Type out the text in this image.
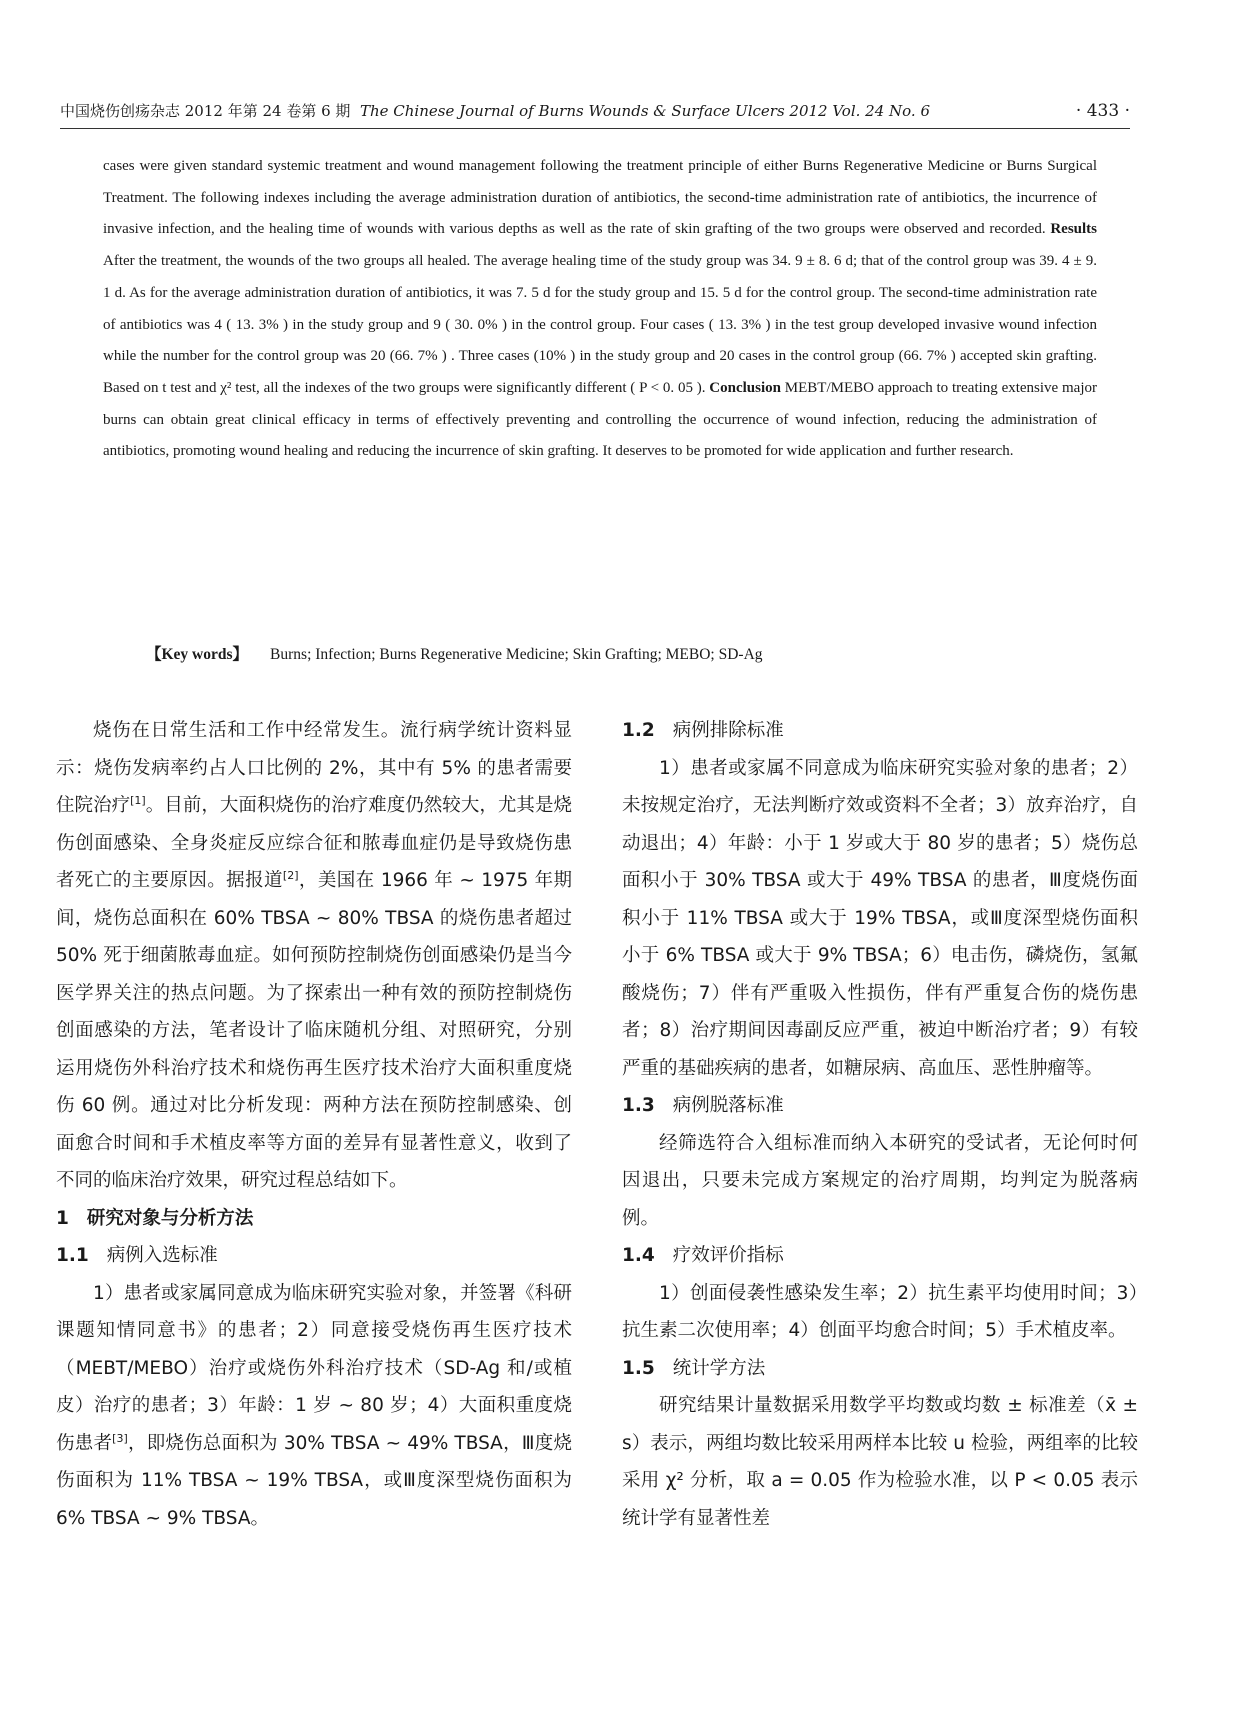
中国烧伤创疡杂志 2012 年第 24 卷第 6 期 The Chinese Journal of Burns Wounds & Surface Ulcers 2012 Vol. 24 No. 6	· 433 ·
cases were given standard systemic treatment and wound management following the treatment principle of either Burns Regenerative Medicine or Burns Surgical Treatment. The following indexes including the average administration duration of antibiotics, the second-time administration rate of antibiotics, the incurrence of invasive infection, and the healing time of wounds with various depths as well as the rate of skin grafting of the two groups were observed and recorded. Results After the treatment, the wounds of the two groups all healed. The average healing time of the study group was 34. 9 ± 8. 6 d; that of the control group was 39. 4 ± 9. 1 d. As for the average administration duration of antibiotics, it was 7. 5 d for the study group and 15. 5 d for the control group. The second-time administration rate of antibiotics was 4 ( 13. 3% ) in the study group and 9 ( 30. 0% ) in the control group. Four cases ( 13. 3% ) in the test group developed invasive wound infection while the number for the control group was 20 (66. 7% ) . Three cases (10% ) in the study group and 20 cases in the control group (66. 7% ) accepted skin grafting. Based on t test and χ² test, all the indexes of the two groups were significantly different ( P < 0. 05 ). Conclusion MEBT/MEBO approach to treating extensive major burns can obtain great clinical efficacy in terms of effectively preventing and controlling the occurrence of wound infection, reducing the administration of antibiotics, promoting wound healing and reducing the incurrence of skin grafting. It deserves to be promoted for wide application and further research.
【Key words】 Burns; Infection; Burns Regenerative Medicine; Skin Grafting; MEBO; SD-Ag

烧伤在日常生活和工作中经常发生。流行病学统计资料显示：烧伤发病率约占人口比例的 2%，其中有 5% 的患者需要住院治疗[1]。目前，大面积烧伤的治疗难度仍然较大，尤其是烧伤创面感染、全身炎症反应综合征和脓毒血症仍是导致烧伤患者死亡的主要原因。据报道[2]，美国在 1966 年 ~ 1975 年期间，烧伤总面积在 60% TBSA ~ 80% TBSA 的烧伤患者超过 50% 死于细菌脓毒血症。如何预防控制烧伤创面感染仍是当今医学界关注的热点问题。为了探索出一种有效的预防控制烧伤创面感染的方法，笔者设计了临床随机分组、对照研究，分别运用烧伤外科治疗技术和烧伤再生医疗技术治疗大面积重度烧伤 60 例。通过对比分析发现：两种方法在预防控制感染、创面愈合时间和手术植皮率等方面的差异有显著性意义，收到了不同的临床治疗效果，研究过程总结如下。

1 研究对象与分析方法
1.1 病例入选标准

1）患者或家属同意成为临床研究实验对象，并签署《科研课题知情同意书》的患者；2）同意接受烧伤再生医疗技术（MEBT/MEBO）治疗或烧伤外科治疗技术（SD-Ag 和/或植皮）治疗的患者；3）年龄：1 岁 ~ 80 岁；4）大面积重度烧伤患者[3]，即烧伤总面积为 30% TBSA ~ 49% TBSA，Ⅲ度烧伤面积为 11% TBSA ~ 19% TBSA，或Ⅲ度深型烧伤面积为 6% TBSA ~ 9% TBSA。

1.2 病例排除标准

1）患者或家属不同意成为临床研究实验对象的患者；2）未按规定治疗，无法判断疗效或资料不全者；3）放弃治疗，自动退出；4）年龄：小于 1 岁或大于 80 岁的患者；5）烧伤总面积小于 30% TBSA 或大于 49% TBSA 的患者，Ⅲ度烧伤面积小于 11% TBSA 或大于 19% TBSA，或Ⅲ度深型烧伤面积小于 6% TBSA 或大于 9% TBSA；6）电击伤，磷烧伤，氢氟酸烧伤；7）伴有严重吸入性损伤，伴有严重复合伤的烧伤患者；8）治疗期间因毒副反应严重，被迫中断治疗者；9）有较严重的基础疾病的患者，如糖尿病、高血压、恶性肿瘤等。

1.3 病例脱落标准

经筛选符合入组标准而纳入本研究的受试者，无论何时何因退出，只要未完成方案规定的治疗周期，均判定为脱落病例。

1.4 疗效评价指标

1）创面侵袭性感染发生率；2）抗生素平均使用时间；3）抗生素二次使用率；4）创面平均愈合时间；5）手术植皮率。

1.5 统计学方法

研究结果计量数据采用数学平均数或均数 ± 标准差（x̄ ± s）表示，两组均数比较采用两样本比较 u 检验，两组率的比较采用 χ² 分析，取 a = 0.05 作为检验水准，以 P < 0.05 表示统计学有显著性差
